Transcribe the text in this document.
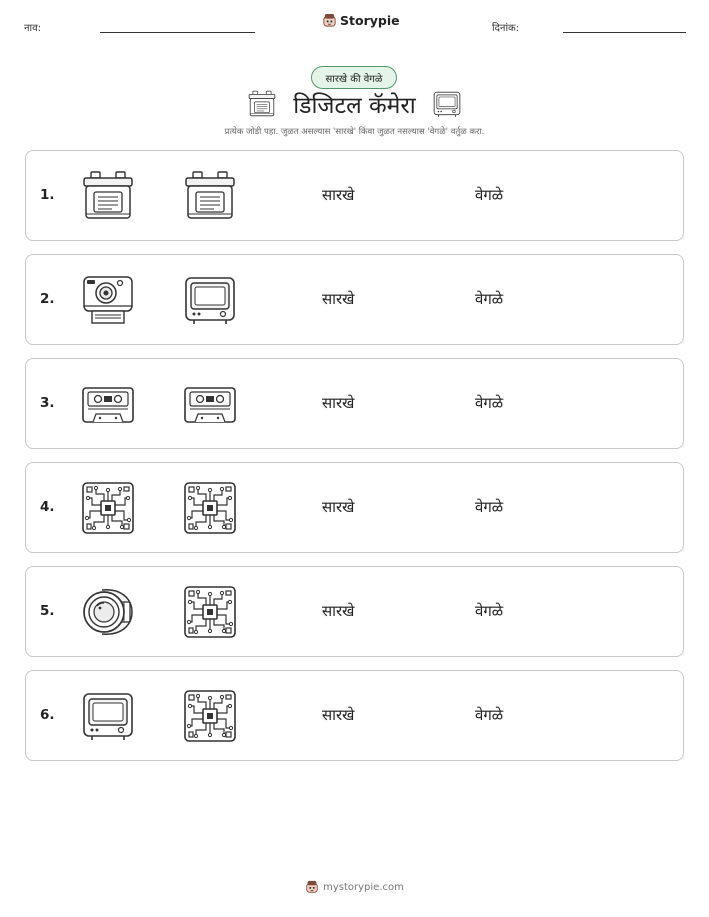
नाव:
Storypie
दिनांक:
सारखे की वेगळे
डिजिटल कॅमेरा
प्रत्येक जोडी पहा. जुळत असल्यास 'सारखे' किंवा जुळत नसल्यास 'वेगळे' वर्तुळ करा.
1.	सारखे	वेगळे
2.	सारखे	वेगळे
3.	सारखे	वेगळे
4.	सारखे	वेगळे
5.	सारखे	वेगळे
6.	सारखे	वेगळे
mystorypie.com
